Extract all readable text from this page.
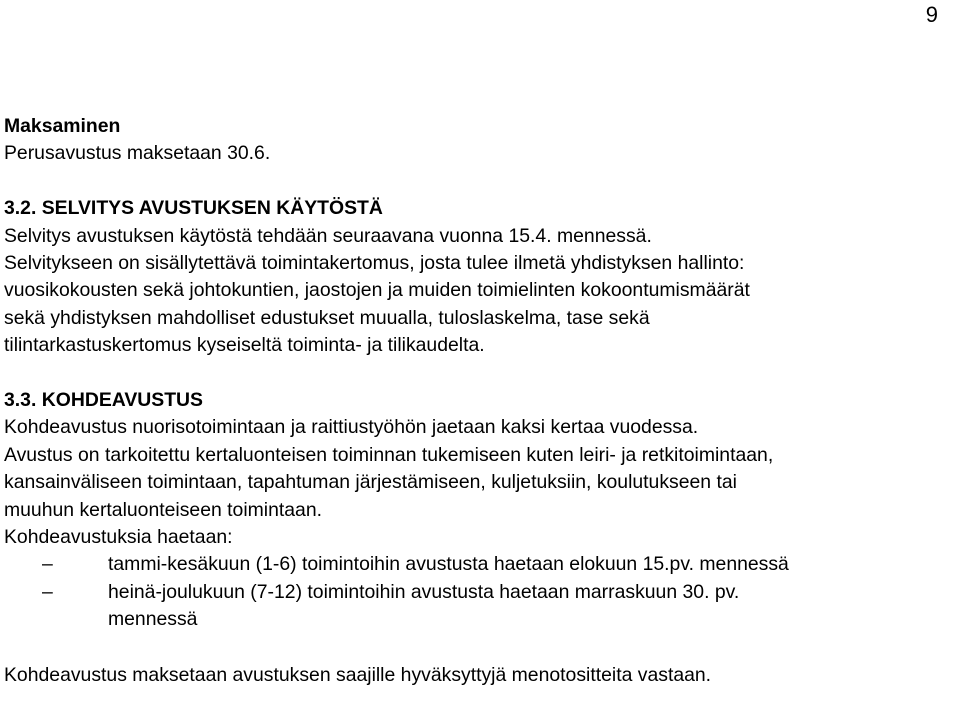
9

Maksaminen

Perusavustus maksetaan 30.6.

3.2. SELVITYS AVUSTUKSEN KÄYTÖSTÄ

Selvitys avustuksen käytöstä tehdään seuraavana vuonna 15.4. mennessä.

Selvitykseen on sisällytettävä toimintakertomus, josta tulee ilmetä yhdistyksen hallinto:

vuosikokousten sekä johtokuntien, jaostojen ja muiden toimielinten kokoontumismäärät

sekä yhdistyksen mahdolliset edustukset muualla, tuloslaskelma, tase sekä

tilintarkastuskertomus kyseiseltä toiminta- ja tilikaudelta.

3.3. KOHDEAVUSTUS

Kohdeavustus nuorisotoimintaan ja raittiustyöhön jaetaan kaksi kertaa vuodessa.

Avustus on tarkoitettu kertaluonteisen toiminnan tukemiseen kuten leiri- ja retkitoimintaan,

kansainväliseen toimintaan, tapahtuman järjestämiseen, kuljetuksiin, koulutukseen tai

muuhun kertaluonteiseen toimintaan.

Kohdeavustuksia haetaan:

–	tammi-kesäkuun (1-6) toimintoihin avustusta haetaan elokuun 15.pv. mennessä
–	heinä-joulukuun (7-12) toimintoihin avustusta haetaan marraskuun 30. pv.
mennessä

Kohdeavustus maksetaan avustuksen saajille hyväksyttyjä menotositteita vastaan.
